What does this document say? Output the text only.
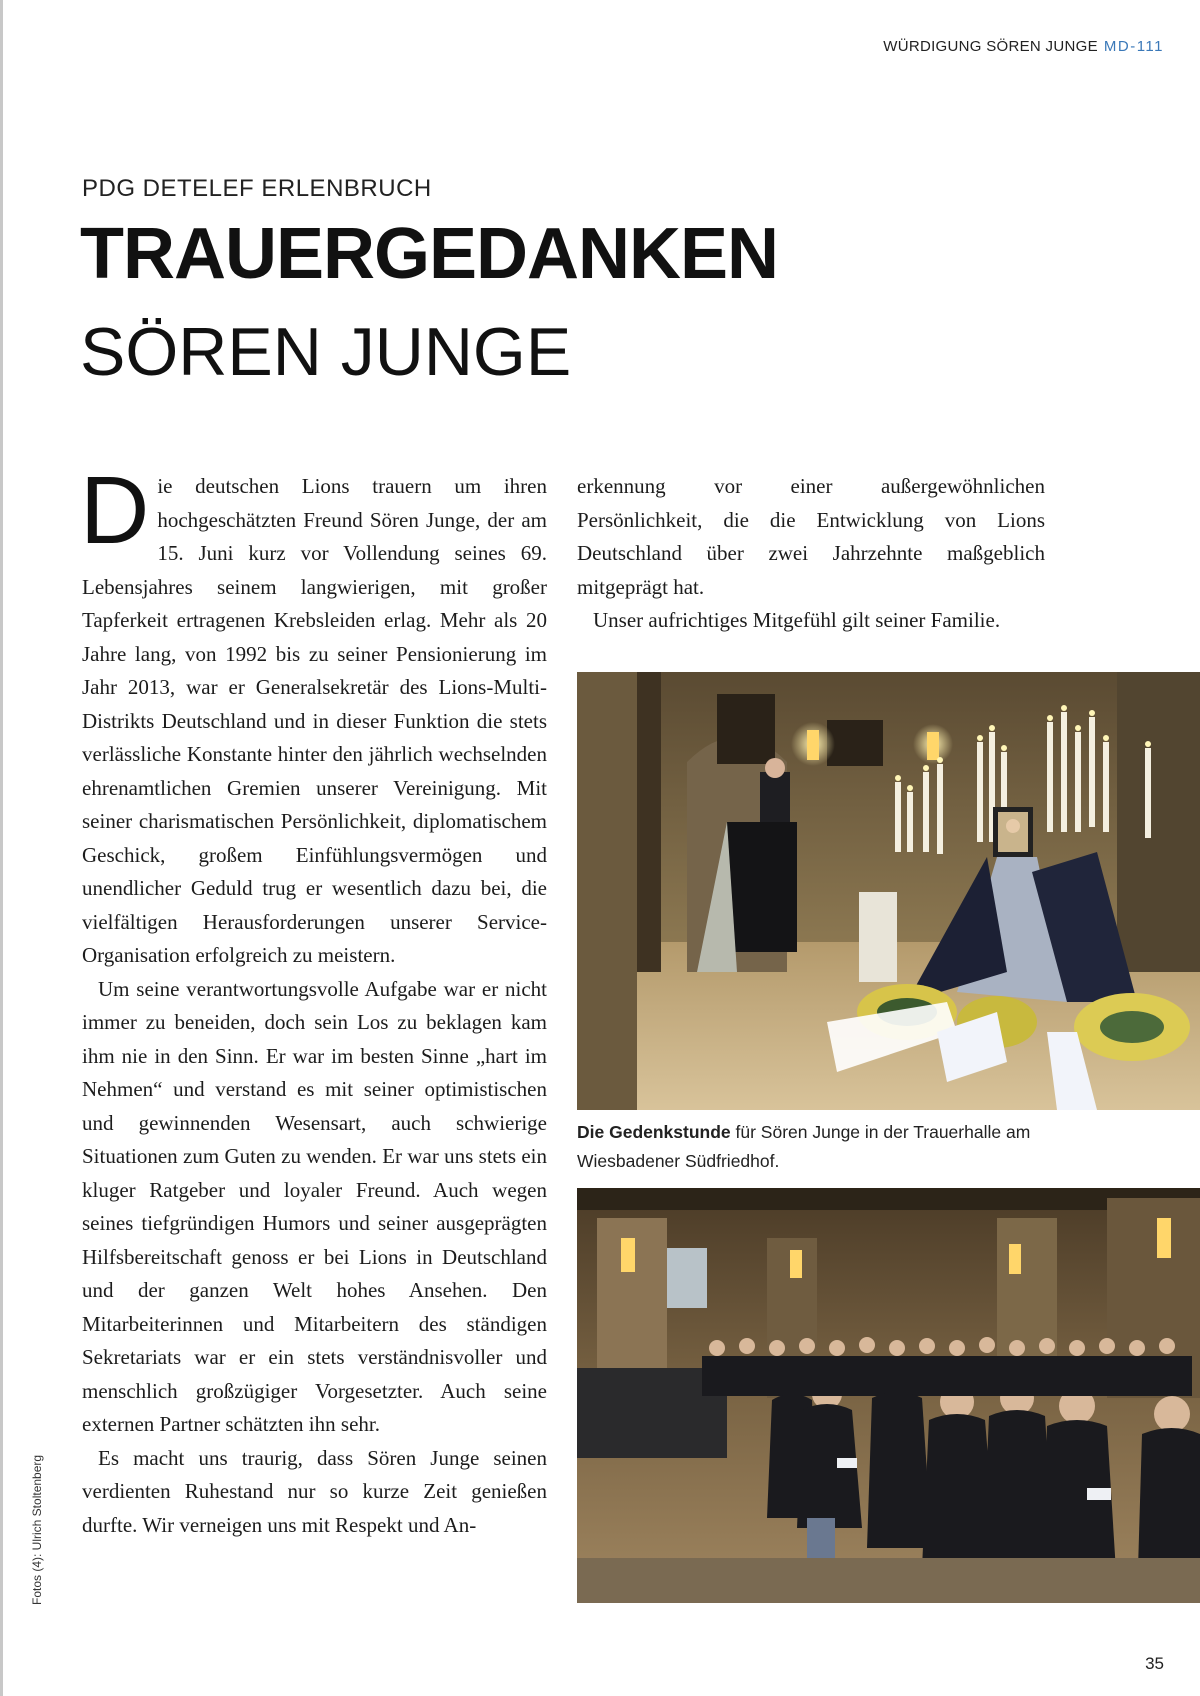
WÜRDIGUNG SÖREN JUNGE MD-111
PDG DETELEF ERLENBRUCH
TRAUERGEDANKEN
SÖREN JUNGE

Die deutschen Lions trauern um ihren hochgeschätzten Freund Sören Junge, der am 15. Juni kurz vor Vollendung seines 69. Lebensjahres seinem langwierigen, mit großer Tapferkeit ertragenen Krebsleiden erlag. Mehr als 20 Jahre lang, von 1992 bis zu seiner Pensionierung im Jahr 2013, war er Generalsekretär des Lions-Multi-Distrikts Deutschland und in dieser Funktion die stets verlässliche Konstante hinter den jährlich wechselnden ehrenamtlichen Gremien unserer Vereinigung. Mit seiner charismatischen Persönlichkeit, diplomatischem Geschick, großem Einfühlungsvermögen und unendlicher Geduld trug er wesentlich dazu bei, die vielfältigen Herausforderungen unserer Service-Organisation erfolgreich zu meistern.

Um seine verantwortungsvolle Aufgabe war er nicht immer zu beneiden, doch sein Los zu beklagen kam ihm nie in den Sinn. Er war im besten Sinne „hart im Nehmen“ und verstand es mit seiner optimistischen und gewinnenden Wesensart, auch schwierige Situationen zum Guten zu wenden. Er war uns stets ein kluger Ratgeber und loyaler Freund. Auch wegen seines tiefgründigen Humors und seiner ausgeprägten Hilfsbereitschaft genoss er bei Lions in Deutschland und der ganzen Welt hohes Ansehen. Den Mitarbeiterinnen und Mitarbeitern des ständigen Sekretariats war er ein stets verständnisvoller und menschlich großzügiger Vorgesetzter. Auch seine externen Partner schätzten ihn sehr.

Es macht uns traurig, dass Sören Junge seinen verdienten Ruhestand nur so kurze Zeit genießen durfte. Wir verneigen uns mit Respekt und An-

erkennung vor einer außergewöhnlichen Persönlichkeit, die die Entwicklung von Lions Deutschland über zwei Jahrzehnte maßgeblich mitgeprägt hat.

Unser aufrichtiges Mitgefühl gilt seiner Familie.

Die Gedenkstunde für Sören Junge in der Trauerhalle am Wiesbadener Südfriedhof.
Fotos (4): Ulrich Stoltenberg
35
